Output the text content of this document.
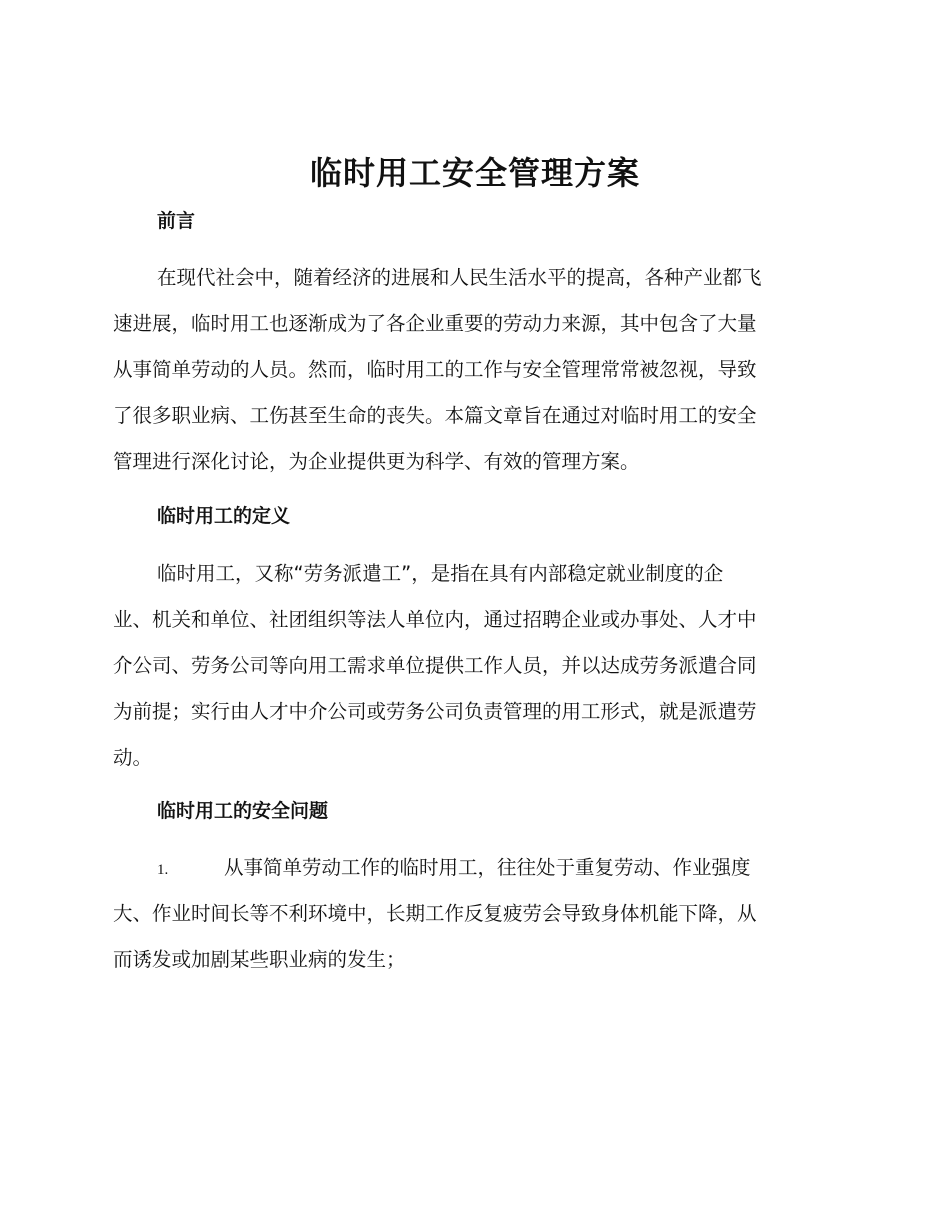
临时用工安全管理方案
前言
在现代社会中，随着经济的进展和人民生活水平的提高，各种产业都飞
速进展，临时用工也逐渐成为了各企业重要的劳动力来源，其中包含了大量
从事简单劳动的人员。然而，临时用工的工作与安全管理常常被忽视，导致
了很多职业病、工伤甚至生命的丧失。本篇文章旨在通过对临时用工的安全
管理进行深化讨论，为企业提供更为科学、有效的管理方案。
临时用工的定义
临时用工，又称“劳务派遣工”，是指在具有内部稳定就业制度的企
业、机关和单位、社团组织等法人单位内，通过招聘企业或办事处、人才中
介公司、劳务公司等向用工需求单位提供工作人员，并以达成劳务派遣合同
为前提；实行由人才中介公司或劳务公司负责管理的用工形式，就是派遣劳
动。
临时用工的安全问题
1.	从事简单劳动工作的临时用工，往往处于重复劳动、作业强度
大、作业时间长等不利环境中，长期工作反复疲劳会导致身体机能下降，从
而诱发或加剧某些职业病的发生；
